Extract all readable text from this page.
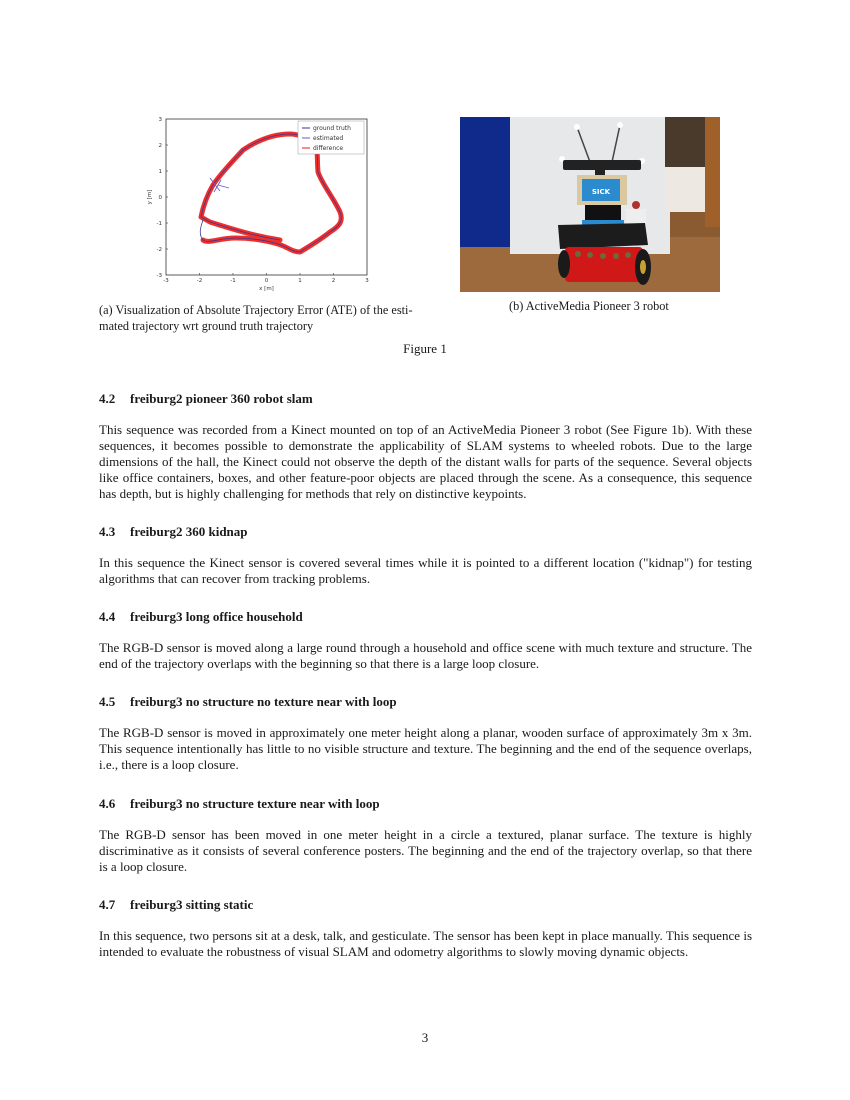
3
2
1
0
-1
-2
-3
-3	-2	-1	0	1	2	3
x [m]
y [m]
ground truth
estimated
difference
SICK
(a) Visualization of Absolute Trajectory Error (ATE) of the esti-
mated trajectory wrt ground truth trajectory
(b) ActiveMedia Pioneer 3 robot
Figure 1
4.2 freiburg2 pioneer 360 robot slam

This sequence was recorded from a Kinect mounted on top of an ActiveMedia Pioneer 3 robot (See Figure 1b). With these sequences, it becomes possible to demonstrate the applicability of SLAM systems to wheeled robots. Due to the large dimensions of the hall, the Kinect could not observe the depth of the distant walls for parts of the sequence. Several objects like office containers, boxes, and other feature-poor objects are placed through the scene. As a consequence, this sequence has depth, but is highly challenging for methods that rely on distinctive keypoints.

4.3 freiburg2 360 kidnap

In this sequence the Kinect sensor is covered several times while it is pointed to a different location ("kidnap") for testing algorithms that can recover from tracking problems.

4.4 freiburg3 long office household

The RGB-D sensor is moved along a large round through a household and office scene with much texture and structure. The end of the trajectory overlaps with the beginning so that there is a large loop closure.

4.5 freiburg3 no structure no texture near with loop

The RGB-D sensor is moved in approximately one meter height along a planar, wooden surface of approximately 3m x 3m. This sequence intentionally has little to no visible structure and texture. The beginning and the end of the sequence overlaps, i.e., there is a loop closure.

4.6 freiburg3 no structure texture near with loop

The RGB-D sensor has been moved in one meter height in a circle a textured, planar surface. The texture is highly discriminative as it consists of several conference posters. The beginning and the end of the trajectory overlap, so that there is a loop closure.

4.7 freiburg3 sitting static

In this sequence, two persons sit at a desk, talk, and gesticulate. The sensor has been kept in place manually. This sequence is intended to evaluate the robustness of visual SLAM and odometry algorithms to slowly moving dynamic objects.

3
